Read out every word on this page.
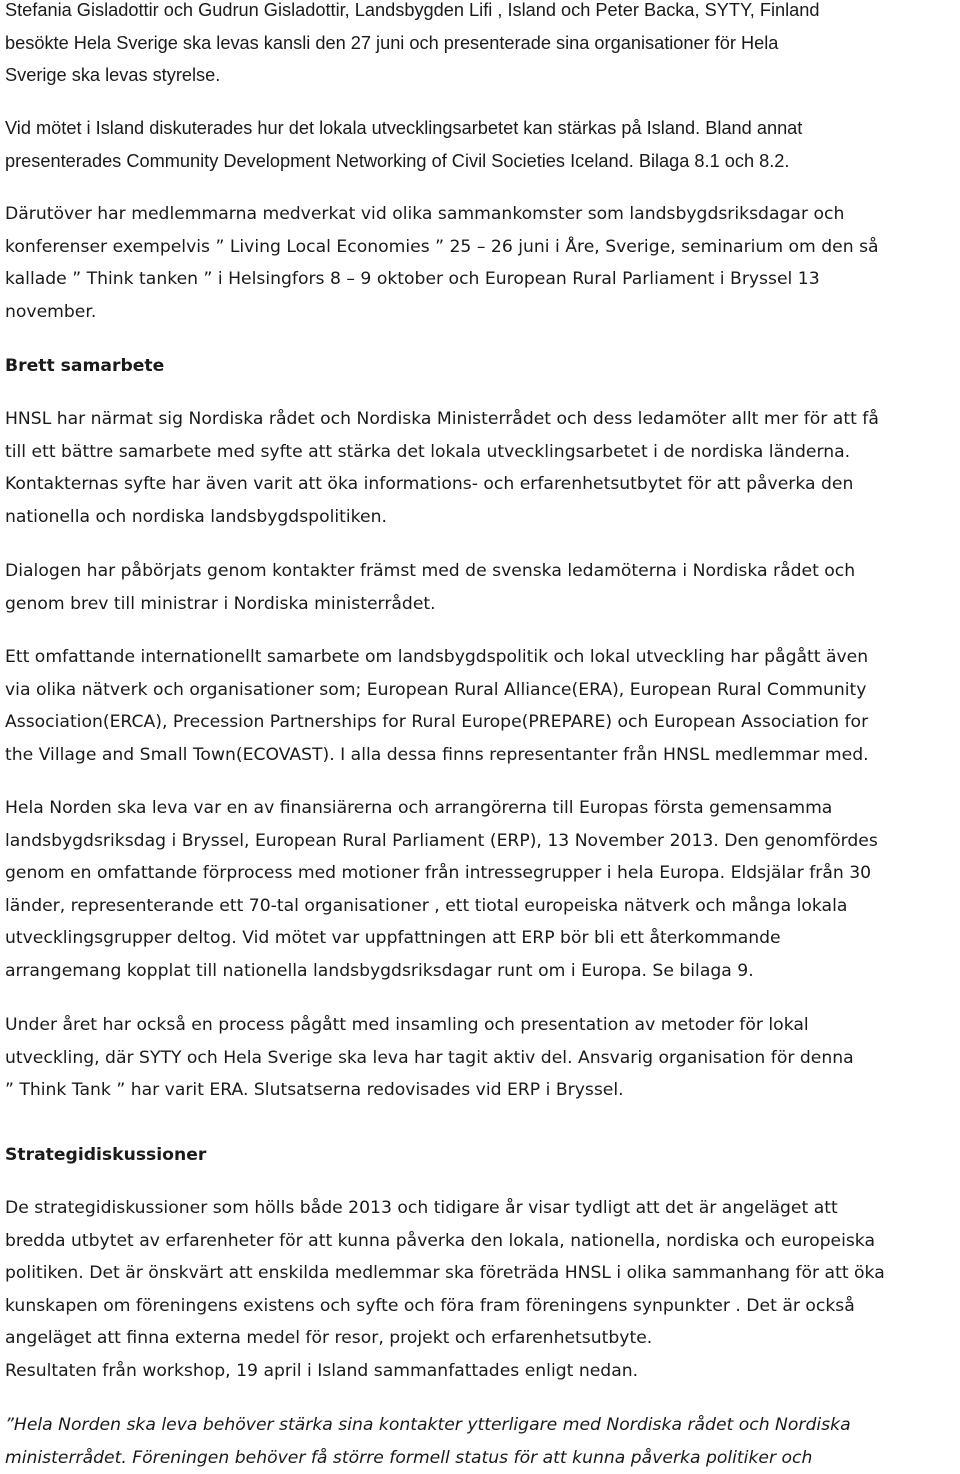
Stefania Gisladottir och Gudrun Gisladottir, Landsbygden Lifi , Island och Peter Backa, SYTY, Finland
besökte Hela Sverige ska levas kansli den 27 juni och presenterade sina organisationer för Hela
Sverige ska levas styrelse.

Vid mötet i Island diskuterades hur det lokala utvecklingsarbetet kan stärkas på Island. Bland annat
presenterades Community Development Networking of Civil Societies Iceland. Bilaga 8.1 och 8.2.

Därutöver har medlemmarna medverkat vid olika sammankomster som landsbygdsriksdagar och
konferenser exempelvis ” Living Local Economies ” 25 – 26 juni i Åre, Sverige, seminarium om den så
kallade ” Think tanken ” i Helsingfors 8 – 9 oktober och European Rural Parliament i Bryssel 13
november.

Brett samarbete

HNSL har närmat sig Nordiska rådet och Nordiska Ministerrådet och dess ledamöter allt mer för att få
till ett bättre samarbete med syfte att stärka det lokala utvecklingsarbetet i de nordiska länderna.
Kontakternas syfte har även varit att öka informations- och erfarenhetsutbytet för att påverka den
nationella och nordiska landsbygdspolitiken.

Dialogen har påbörjats genom kontakter främst med de svenska ledamöterna i Nordiska rådet och
genom brev till ministrar i Nordiska ministerrådet.

Ett omfattande internationellt samarbete om landsbygdspolitik och lokal utveckling har pågått även
via olika nätverk och organisationer som; European Rural Alliance(ERA), European Rural Community
Association(ERCA), Precession Partnerships for Rural Europe(PREPARE) och European Association for
the Village and Small Town(ECOVAST). I alla dessa finns representanter från HNSL medlemmar med.

Hela Norden ska leva var en av finansiärerna och arrangörerna till Europas första gemensamma
landsbygdsriksdag i Bryssel, European Rural Parliament (ERP), 13 November 2013. Den genomfördes
genom en omfattande förprocess med motioner från intressegrupper i hela Europa. Eldsjälar från 30
länder, representerande ett 70-tal organisationer , ett tiotal europeiska nätverk och många lokala
utvecklingsgrupper deltog. Vid mötet var uppfattningen att ERP bör bli ett återkommande
arrangemang kopplat till nationella landsbygdsriksdagar runt om i Europa. Se bilaga 9.

Under året har också en process pågått med insamling och presentation av metoder för lokal
utveckling, där SYTY och Hela Sverige ska leva har tagit aktiv del. Ansvarig organisation för denna
” Think Tank ” har varit ERA. Slutsatserna redovisades vid ERP i Bryssel.

Strategidiskussioner

De strategidiskussioner som hölls både 2013 och tidigare år visar tydligt att det är angeläget att
bredda utbytet av erfarenheter för att kunna påverka den lokala, nationella, nordiska och europeiska
politiken. Det är önskvärt att enskilda medlemmar ska företräda HNSL i olika sammanhang för att öka
kunskapen om föreningens existens och syfte och föra fram föreningens synpunkter . Det är också
angeläget att finna externa medel för resor, projekt och erfarenhetsutbyte.
Resultaten från workshop, 19 april i Island sammanfattades enligt nedan.

”Hela Norden ska leva behöver stärka sina kontakter ytterligare med Nordiska rådet och Nordiska
ministerrådet. Föreningen behöver få större formell status för att kunna påverka politiker och
